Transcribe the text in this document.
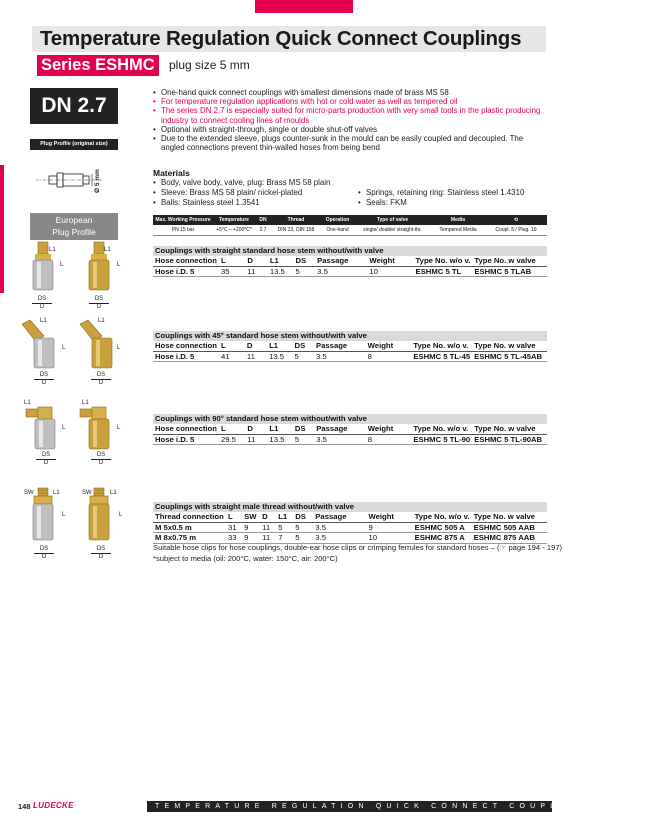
Temperature Regulation Quick Connect Couplings
Series ESHMC	plug size 5 mm
DN 2.7
Plug Profile (original size)
Ø 5 mm
European
Plug Profile
• One-hand quick connect couplings with smallest dimensions made of brass MS 58
• For temperature regulation applications with hot or cold water as well as tempered oil
• The series DN 2.7 is especially suited for micro-parts production with very small tools in the plastic producing industry to connect cooling lines of moulds
• Optional with straight-through, single or double shut-off valves
• Due to the extended sleeve, plugs counter-sunk in the mould can be easily coupled and decoupled. The angled connections prevent thin-walled hoses from being bend
Materials
• Body, valve body, valve, plug: Brass MS 58 plain
• Sleeve: Brass MS 58 plain/ nickel-plated
• Balls: Stainless steel 1.3541
• Springs, retaining ring: Stainless steel 1.4310
• Seals: FKM
Max. Working Pressure	Temperature	DN	Thread	Operation	Type of valve	Media	⟲
PN 15 bar	+5°C – +200°C*	2.7	DIN 13, DIN 158	One-hand	single/ double/ straight-thr.	Tempered Media	Coupl. 5 / Plug. 10
Couplings with straight standard hose stem without/with valve								
Hose connection	L	D	L1	DS	Passage	Weight	Type No. w/o v.	Type No. w valve
Hose i.D. 5	35	11	13.5	5	3.5	10	ESHMC 5 TL	ESHMC 5 TLAB
Couplings with 45° standard hose stem without/with valve								
Hose connection	L	D	L1	DS	Passage	Weight	Type No. w/o v.	Type No. w valve
Hose i.D. 5	41	11	13.5	5	3.5	8	ESHMC 5 TL-45	ESHMC 5 TL-45AB
Couplings with 90° standard hose stem without/with valve								
Hose connection	L	D	L1	DS	Passage	Weight	Type No. w/o v.	Type No. w valve
Hose i.D. 5	29.5	11	13.5	5	3.5	8	ESHMC 5 TL-90	ESHMC 5 TL-90AB
Couplings with straight male thread without/with valve									
Thread connection	L	SW	D	L1	DS	Passage	Weight	Type No. w/o v.	Type No. w valve
M 5x0.5 m	31	9	11	5	5	3.5	9	ESHMC 505 A	ESHMC 505 AAB
M 8x0.75 m	33	9	11	7	5	3.5	10	ESHMC 875 A	ESHMC 875 AAB
Suitable hose clips for hose couplings, double-ear hose clips or crimping ferrules for standard hoses – (☞ page 194 - 197)
*subject to media (oil: 200°C, water: 150°C, air: 200°C)
L1
L
L1
L
DS
D
DS
D
L1
L
L1
L
DS
D
DS
D
L1
L
L1
L
DS
D
DS
D
SW	L1
L
SW	L1
L
DS
D
DS
D
148 LUDECKE	TEMPERATURE REGULATION QUICK CONNECT COUPLINGS DN 2.7
